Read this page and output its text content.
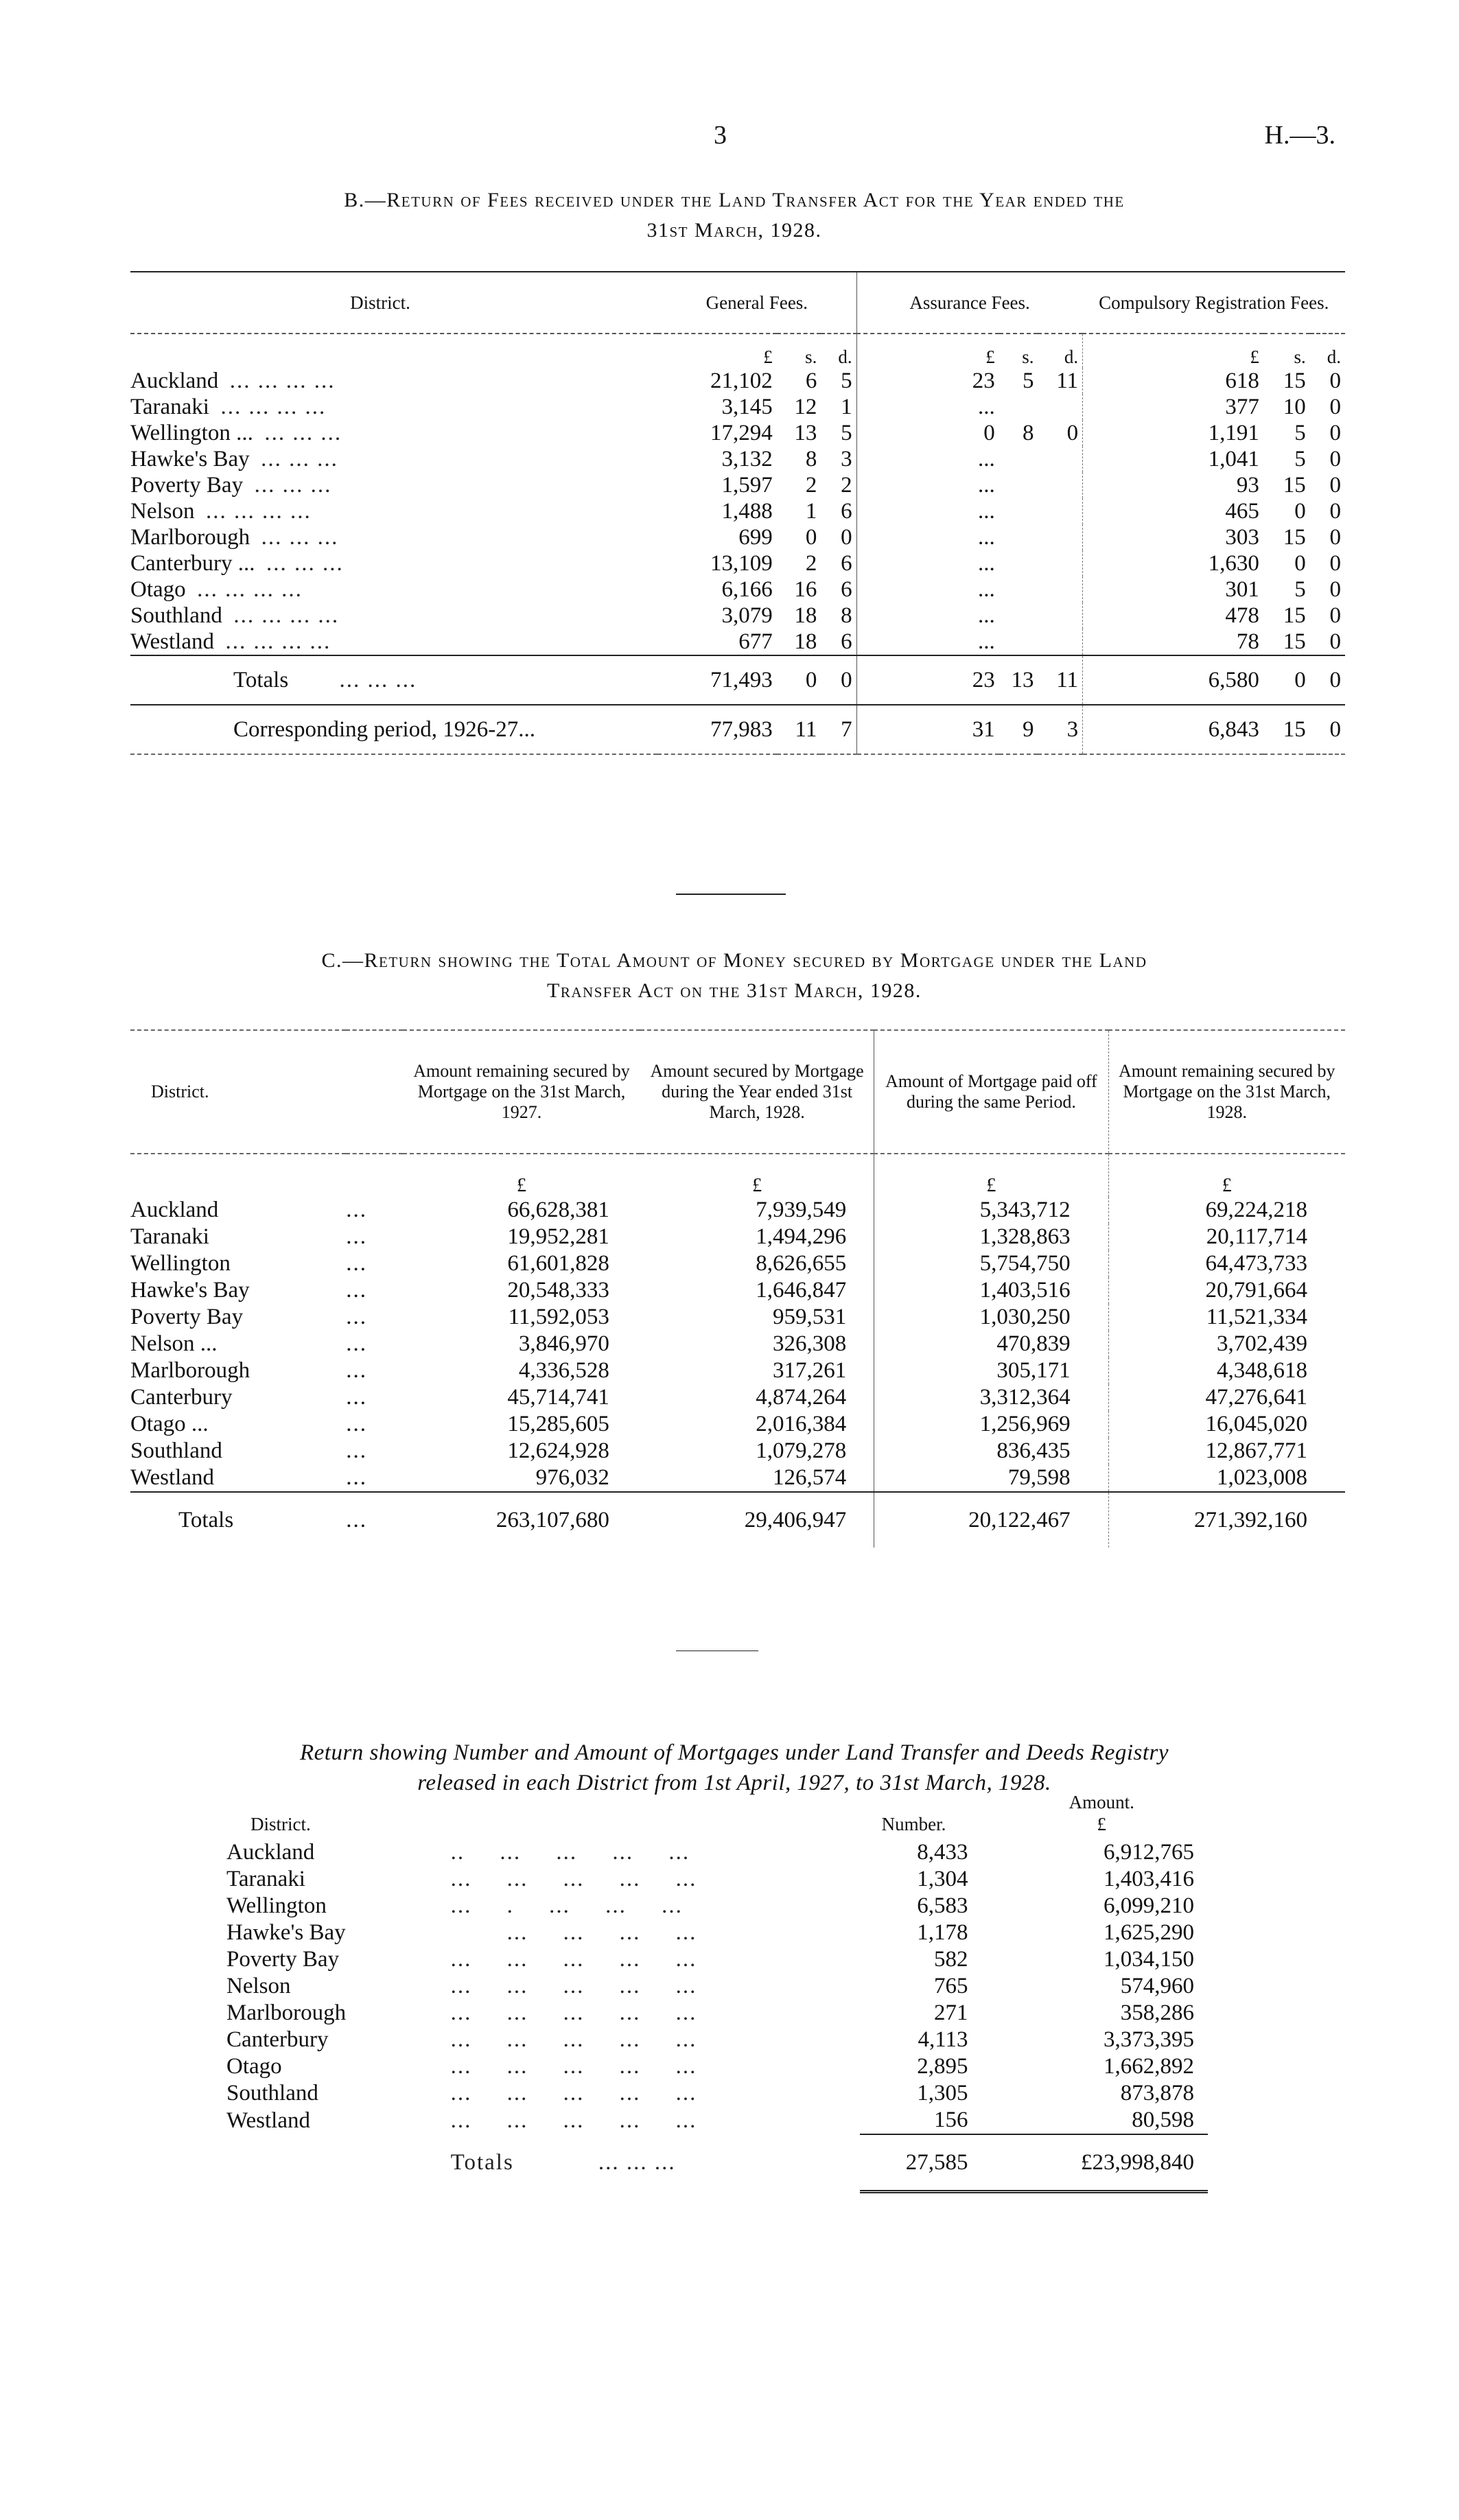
3	H.—3.
B.—Return of Fees received under the Land Transfer Act for the Year ended the
31st March, 1928.
District.	General Fees.			Assurance Fees.			Compulsory Registration Fees.		
	£	s.	d.	£	s.	d.	£	s.	d.
Auckland ... ... ... ...	21,102	6	5	23	5	11	618	15	0
Taranaki ... ... ... ...	3,145	12	1	...			377	10	0
Wellington ... ... ... ...	17,294	13	5	0	8	0	1,191	5	0
Hawke's Bay ... ... ...	3,132	8	3	...			1,041	5	0
Poverty Bay ... ... ...	1,597	2	2	...			93	15	0
Nelson ... ... ... ...	1,488	1	6	...			465	0	0
Marlborough ... ... ...	699	0	0	...			303	15	0
Canterbury ... ... ... ...	13,109	2	6	...			1,630	0	0
Otago ... ... ... ...	6,166	16	6	...			301	5	0
Southland ... ... ... ...	3,079	18	8	...			478	15	0
Westland ... ... ... ...	677	18	6	...			78	15	0
Totals ... ... ...	71,493	0	0	23	13	11	6,580	0	0
Corresponding period, 1926-27...	77,983	11	7	31	9	3	6,843	15	0
C.—Return showing the Total Amount of Money secured by Mortgage under the Land
Transfer Act on the 31st March, 1928.
District.		Amount remaining secured by Mortgage on the 31st March, 1927.	Amount secured by Mortgage during the Year ended 31st March, 1928.	Amount of Mortgage paid off during the same Period.	Amount remaining secured by Mortgage on the 31st March, 1928.
		£	£	£	£
Auckland	...	66,628,381	7,939,549	5,343,712	69,224,218
Taranaki	...	19,952,281	1,494,296	1,328,863	20,117,714
Wellington	...	61,601,828	8,626,655	5,754,750	64,473,733
Hawke's Bay	...	20,548,333	1,646,847	1,403,516	20,791,664
Poverty Bay	...	11,592,053	959,531	1,030,250	11,521,334
Nelson ...	...	3,846,970	326,308	470,839	3,702,439
Marlborough	...	4,336,528	317,261	305,171	4,348,618
Canterbury	...	45,714,741	4,874,264	3,312,364	47,276,641
Otago ...	...	15,285,605	2,016,384	1,256,969	16,045,020
Southland	...	12,624,928	1,079,278	836,435	12,867,771
Westland	...	976,032	126,574	79,598	1,023,008
Totals	...	263,107,680	29,406,947	20,122,467	271,392,160
Return showing Number and Amount of Mortgages under Land Transfer and Deeds Registry
released in each District from 1st April, 1927, to 31st March, 1928.
District.		Number.	Amount.
£

Auckland	..     ...     ...     ...     ...	8,433	6,912,765
Taranaki	...     ...     ...     ...     ...	1,304	1,403,416
Wellington	...     .     ...     ...     ...	6,583	6,099,210
Hawke's Bay	...     ...     ...     ...	1,178	1,625,290
Poverty Bay	...     ...     ...     ...     ...	582	1,034,150
Nelson	...     ...     ...     ...     ...	765	574,960
Marlborough	...     ...     ...     ...     ...	271	358,286
Canterbury	...     ...     ...     ...     ...	4,113	3,373,395
Otago	...     ...     ...     ...     ...	2,895	1,662,892
Southland	...     ...     ...     ...     ...	1,305	873,878
Westland	...     ...     ...     ...     ...	156	80,598
	Totals ... ... ...	27,585	£23,998,840
